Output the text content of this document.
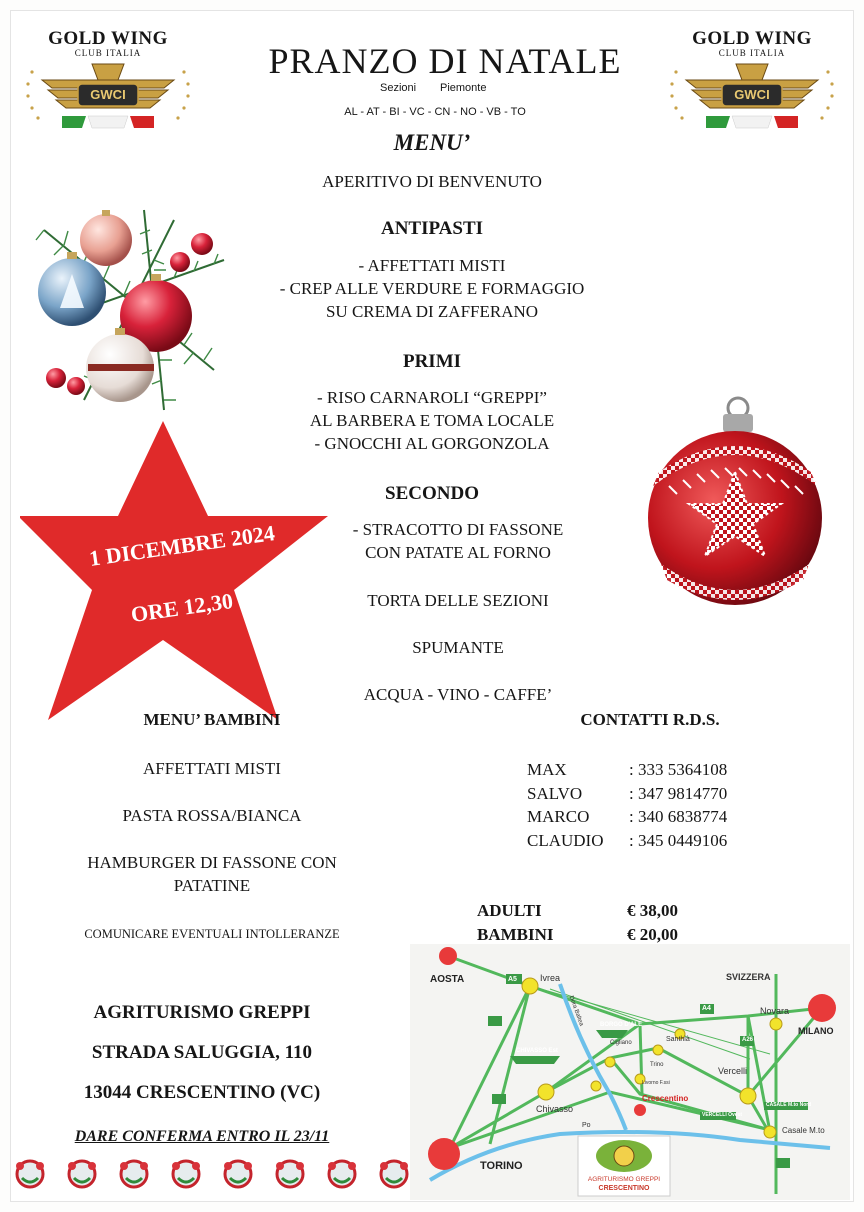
GOLD WING
CLUB ITALIA
GWCI
GOLD WING
CLUB ITALIA
GWCI
PRANZO DI NATALE
Sezioni Piemonte
AL - AT - BI - VC - CN - NO - VB - TO
MENU’
APERITIVO DI BENVENUTO
ANTIPASTI
- AFFETTATI MISTI
- CREP ALLE VERDURE E FORMAGGIO
SU CREMA DI ZAFFERANO
PRIMI
- RISO CARNAROLI “GREPPI”
AL BARBERA E TOMA LOCALE
- GNOCCHI AL GORGONZOLA
SECONDO
- STRACOTTO DI FASSONE
CON PATATE AL FORNO
TORTA DELLE SEZIONI
SPUMANTE
ACQUA - VINO - CAFFE’
1 DICEMBRE 2024
ORE 12,30
MENU’ BAMBINI
AFFETTATI MISTI
PASTA ROSSA/BIANCA
HAMBURGER DI FASSONE CON
PATATINE
COMUNICARE EVENTUALI INTOLLERANZE
CONTATTI R.D.S.
MAX	: 333 5364108
SALVO	: 347 9814770
MARCO	: 340 6838774
CLAUDIO	: 345 0449106
ADULTI	€ 38,00
BAMBINI	€ 20,00
AGRITURISMO GREPPI
STRADA SALUGGIA, 110
13044 CRESCENTINO (VC)
DARE CONFERMA ENTRO IL 23/11
AOSTA	Ivrea	SVIZZERA
Novara
MILANO
Santhià
Vercelli
Chivasso
Crescentino
Casale M.to
TORINO
CHIVASSO Est
BORGO D'ALE
VERCELLI Ovest
CASALE M.to Nord
Cigliano
Livorno F.ssi
Trino
Po
Dora Baltea
A5
A4
A26
AGRITURISMO GREPPI
CRESCENTINO
